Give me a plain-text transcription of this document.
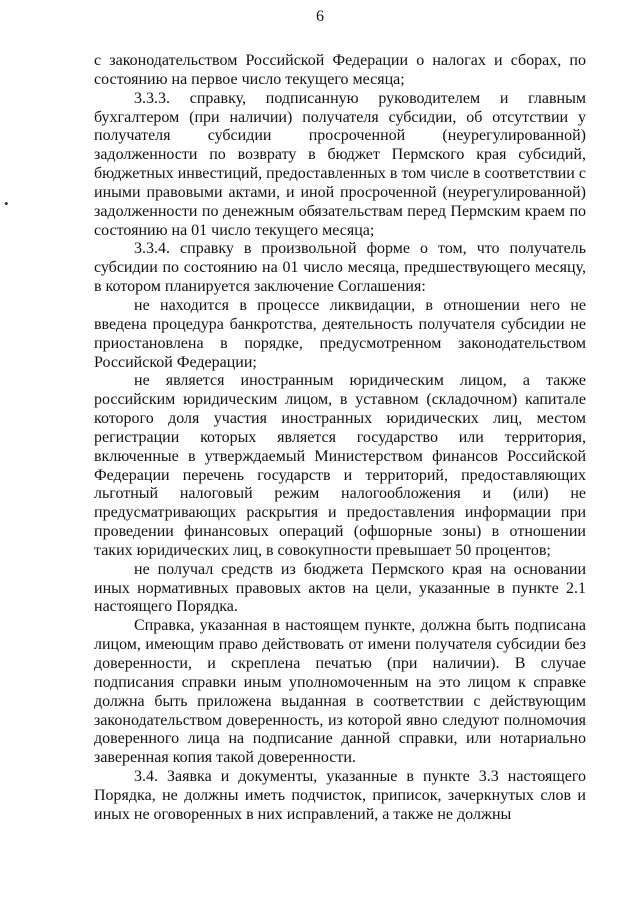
6
•

с законодательством Российской Федерации о налогах и сборах, по состоянию на первое число текущего месяца;

3.3.3. справку, подписанную руководителем и главным бухгалтером (при наличии) получателя субсидии, об отсутствии у получателя субсидии просроченной (неурегулированной) задолженности по возврату в бюджет Пермского края субсидий, бюджетных инвестиций, предоставленных в том числе в соответствии с иными правовыми актами, и иной просроченной (неурегулированной) задолженности по денежным обязательствам перед Пермским краем по состоянию на 01 число текущего месяца;

3.3.4. справку в произвольной форме о том, что получатель субсидии по состоянию на 01 число месяца, предшествующего месяцу, в котором планируется заключение Соглашения:

не находится в процессе ликвидации, в отношении него не введена процедура банкротства, деятельность получателя субсидии не приостановлена в порядке, предусмотренном законодательством Российской Федерации;

не является иностранным юридическим лицом, а также российским юридическим лицом, в уставном (складочном) капитале которого доля участия иностранных юридических лиц, местом регистрации которых является государство или территория, включенные в утверждаемый Министерством финансов Российской Федерации перечень государств и территорий, предоставляющих льготный налоговый режим налогообложения и (или) не предусматривающих раскрытия и предоставления информации при проведении финансовых операций (офшорные зоны) в отношении таких юридических лиц, в совокупности превышает 50 процентов;

не получал средств из бюджета Пермского края на основании иных нормативных правовых актов на цели, указанные в пункте 2.1 настоящего Порядка.

Справка, указанная в настоящем пункте, должна быть подписана лицом, имеющим право действовать от имени получателя субсидии без доверенности, и скреплена печатью (при наличии). В случае подписания справки иным уполномоченным на это лицом к справке должна быть приложена выданная в соответствии с действующим законодательством доверенность, из которой явно следуют полномочия доверенного лица на подписание данной справки, или нотариально заверенная копия такой доверенности.

3.4. Заявка и документы, указанные в пункте 3.3 настоящего Порядка, не должны иметь подчисток, приписок, зачеркнутых слов и иных не оговоренных в них исправлений, а также не должны
